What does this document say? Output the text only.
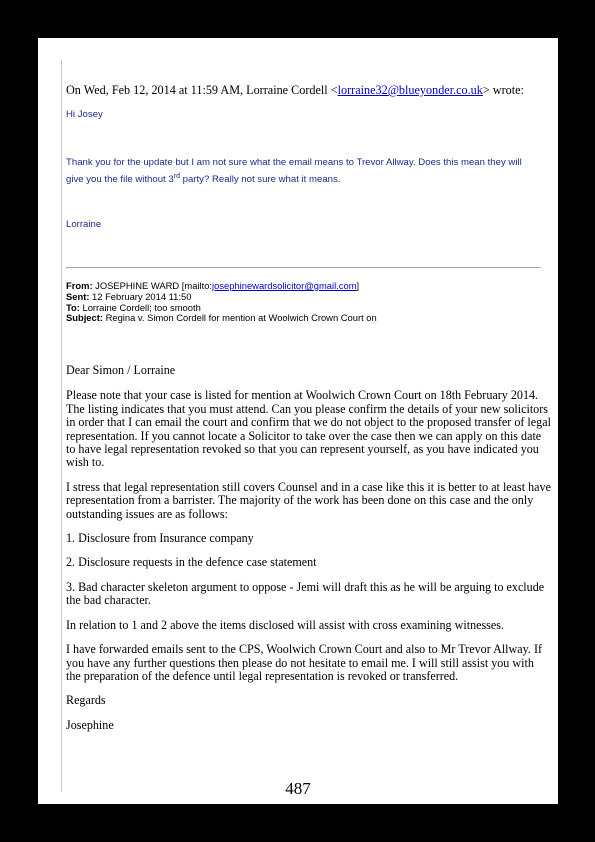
On Wed, Feb 12, 2014 at 11:59 AM, Lorraine Cordell <lorraine32@blueyonder.co.uk> wrote:
Hi Josey
Thank you for the update but I am not sure what the email means to Trevor Allway. Does this mean they will
give you the file without 3rd party? Really not sure what it means.
Lorraine
From: JOSEPHINE WARD [mailto:josephinewardsolicitor@gmail.com]
Sent: 12 February 2014 11:50
To: Lorraine Cordell; too smooth
Subject: Regina v. Simon Cordell for mention at Woolwich Crown Court on

Dear Simon / Lorraine

Please note that your case is listed for mention at Woolwich Crown Court on 18th February 2014.
The listing indicates that you must attend. Can you please confirm the details of your new solicitors
in order that I can email the court and confirm that we do not object to the proposed transfer of legal
representation. If you cannot locate a Solicitor to take over the case then we can apply on this date
to have legal representation revoked so that you can represent yourself, as you have indicated you
wish to.
I stress that legal representation still covers Counsel and in a case like this it is better to at least have
representation from a barrister. The majority of the work has been done on this case and the only
outstanding issues are as follows:

1. Disclosure from Insurance company

2. Disclosure requests in the defence case statement

3. Bad character skeleton argument to oppose - Jemi will draft this as he will be arguing to exclude
the bad character.

In relation to 1 and 2 above the items disclosed will assist with cross examining witnesses.

I have forwarded emails sent to the CPS, Woolwich Crown Court and also to Mr Trevor Allway. If
you have any further questions then please do not hesitate to email me. I will still assist you with
the preparation of the defence until legal representation is revoked or transferred.

Regards

Josephine

487
